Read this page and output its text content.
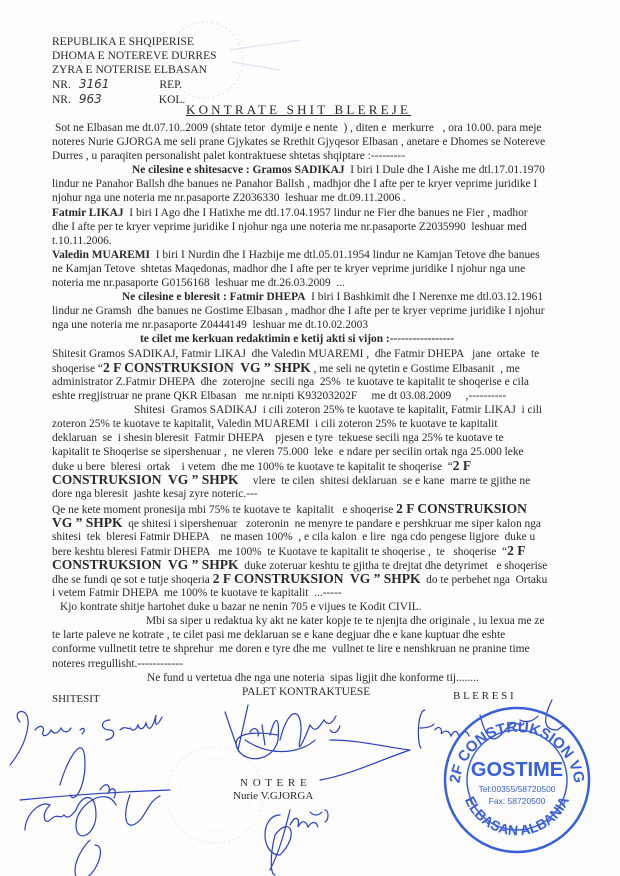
REPUBLIKA E SHQIPERISE
DHOMA E NOTEREVE DURRES
ZYRA E NOTERISE ELBASAN
NR. 3161	REP.
NR. 963	KOL.
KONTRATE SHIT BLEREJE
Sot ne Elbasan me dt.07.10..2009 (shtate tetor  dymije e nente  ) , diten e  merkurre   , ora 10.00. para meje
noteres Nurie GJORGA me seli prane Gjykates se Rrethit Gjyqesor Elbasan , anetare e Dhomes se Notereve
Durres , u paraqiten personalisht palet kontraktuese shtetas shqiptare :---------
Ne cilesine e shitesacve : Gramos SADIKAJ  I biri I Dule dhe I Aishe me dtl.17.01.1970
lindur ne Panahor Ballsh dhe banues ne Panahor Ballsh , madhjor dhe I afte per te kryer veprime juridike I
njohur nga une noteria me nr.pasaporte Z2036330  leshuar me dt.09.11.2006 .
Fatmir LIKAJ  I biri I Ago dhe I Hatixhe me dtl.17.04.1957 lindur ne Fier dhe banues ne Fier , madhor
dhe I afte per te kryer veprime juridike I njohur nga une noteria me nr.pasaporte Z2035990  leshuar med
t.10.11.2006.
Valedin MUAREMI  I biri I Nurdin dhe I Hazbije me dtl.05.01.1954 lindur ne Kamjan Tetove dhe banues
ne Kamjan Tetove  shtetas Maqedonas, madhor dhe I afte per te kryer veprime juridike I njohur nga une
noteria me nr.pasaporte G0156168  leshuar me dt.26.03.2009  ...
Ne cilesine e bleresit : Fatmir DHEPA  I biri I Bashkimit dhe I Nerenxe me dtl.03.12.1961
lindur ne Gramsh  dhe banues ne Gostime Elbasan , madhor dhe I afte per te kryer veprime juridike I njohur
nga une noteria me nr.pasaporte Z0444149  leshuar me dt.10.02.2003
te cilet me kerkuan redaktimin e ketij akti si vijon :-----------------
Shitesit Gramos SADIKAJ, Fatmir LIKAJ  dhe Valedin MUAREMI ,  dhe Fatmir DHEPA   jane  ortake  te
shoqerise “2 F CONSTRUKSION  VG ” SHPK , me seli ne qytetin e Gostime Elbasanit  , me
administrator Z.Fatmir DHEPA  dhe  zoterojne  secili nga  25%  te kuotave te kapitalit te shoqerise e cila
eshte rregjistruar ne prane QKR Elbasan   me nr.nipti K93203202F     me dt 03.08.2009     ,----------
Shitesi  Gramos SADIKAJ  i cili zoteron 25% te kuotave te kapitalit, Fatmir LIKAJ  i cili
zoteron 25% te kuotave te kapitalit, Valedin MUAREMI  i cili zoteron 25% te kuotave te kapitalit
deklaruan  se  i shesin bleresit  Fatmir DHEPA    pjesen e tyre  tekuese secili nga 25% te kuotave te
kapitalit te Shoqerise se sipershenuar ,  ne vleren 75.000  leke  e ndare per secilin ortak nga 25.000 leke
duke u bere  bleresi  ortak    i vetem  dhe me 100% te kuotave te kapitalit te shoqerise  “2 F
CONSTRUKSION  VG ” SHPK     vlere  te cilen  shitesi deklaruan  se e kane  marre te gjithe ne
dore nga bleresit  jashte kesaj zyre noteric.---
Qe ne kete moment pronesija mbi 75% te kuotave te  kapitalit   e shoqerise 2 F CONSTRUKSION
VG ” SHPK  qe shitesi i sipershenuar   zoteronin  ne menyre te pandare e pershkruar me siper kalon nga
shitesi  tek  bleresi Fatmir DHEPA    ne masen 100%  , e cila kalon  e lire  nga cdo pengese ligjore  duke u
bere keshtu bleresi Fatmir DHEPA   me 100%  te Kuotave te kapitalit te shoqerise ,  te   shoqerise  “2 F
CONSTRUKSION  VG ” SHPK  duke zoteruar keshtu te gjitha te drejtat dhe detyrimet   e shoqerise
dhe se fundi qe sot e tutje shoqeria 2 F CONSTRUKSION  VG ” SHPK  do te perbehet nga  Ortaku
i vetem Fatmir DHEPA  me 100% te kuotave te kapitalit  ...-----
Kjo kontrate shitje hartohet duke u bazar ne nenin 705 e vijues te Kodit CIVIL.
Mbi sa siper u redaktua ky akt ne kater kopje te te njenjta dhe originale , iu lexua me ze
te larte paleve ne kotrate , te cilet pasi me deklaruan se e kane degjuar dhe e kane kuptuar dhe eshte
conforme vullnetit tetre te shprehur  me doren e tyre dhe me  vullnet te lire e nenshkruan ne pranine time
noteres rregullisht.------------
Ne fund u vertetua dhe nga une noteria  sipas ligjit dhe konforme tij........
PALET KONTRAKTUESE
SHITESIT	B L E R E S I
N O T E R E
Nurie V.GJORGA
2F CONSTRUKSION VG
ELBASAN ALBANIA
GOSTIME
Tel:00355/58720500
Fax: 58720500
